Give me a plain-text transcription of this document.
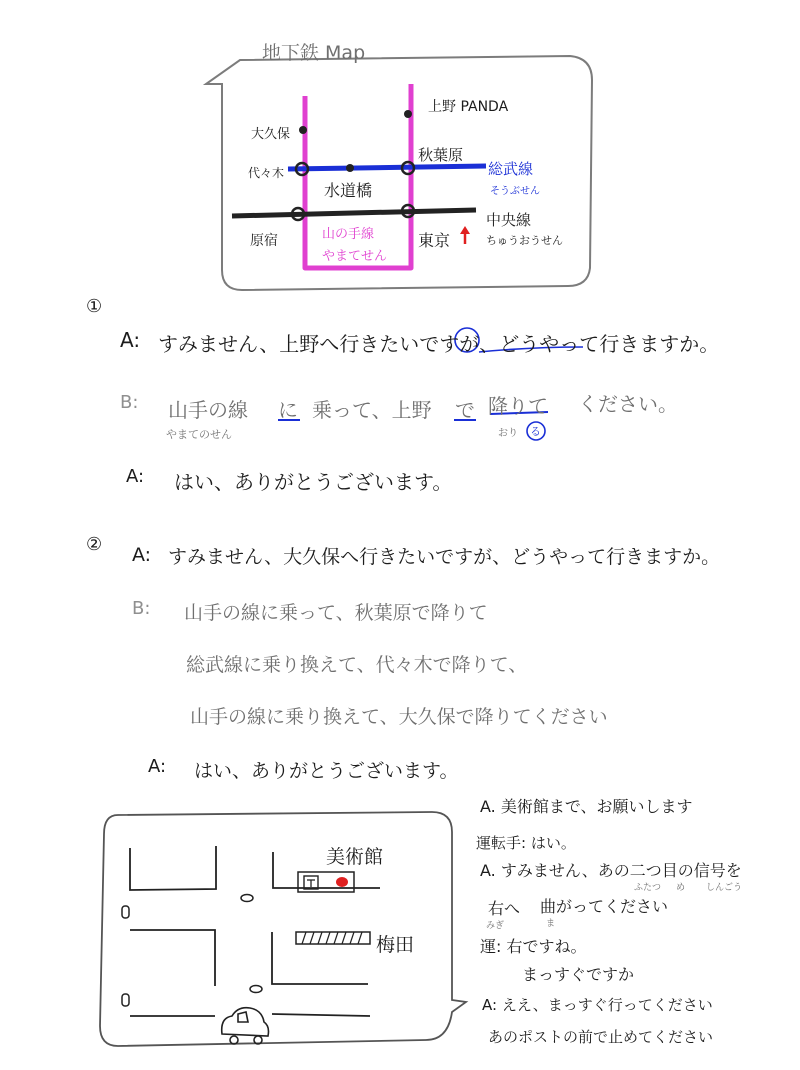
地下鉄 Map
上野 PANDA
大久保
秋葉原
代々木
水道橋
原宿	東京
総武線
そうぶせん
中央線
ちゅうおうせん
山の手線
やまてせん
①
A: すみません、上野へ行きたいですが、どうやって行きますか。
B: 山手の線
やまてのせん
に 乗って、上野 で 降りて
おり る
ください。
A: はい、ありがとうございます。
② A: すみません、大久保へ行きたいですが、どうやって行きますか。
B: 山手の線に乗って、秋葉原で降りて
総武線に乗り換えて、代々木で降りて、
山手の線に乗り換えて、大久保で降りてください
A: はい、ありがとうございます。
美術館
梅田
A. 美術館まで、お願いします
運転手: はい。
A. すみません、あの二つ目の信号を
ふたつ め しんごう
右へ 曲がってください
みぎ	ま
運: 右ですね。
まっすぐですか
A: ええ、まっすぐ行ってください
あのポストの前で止めてください
